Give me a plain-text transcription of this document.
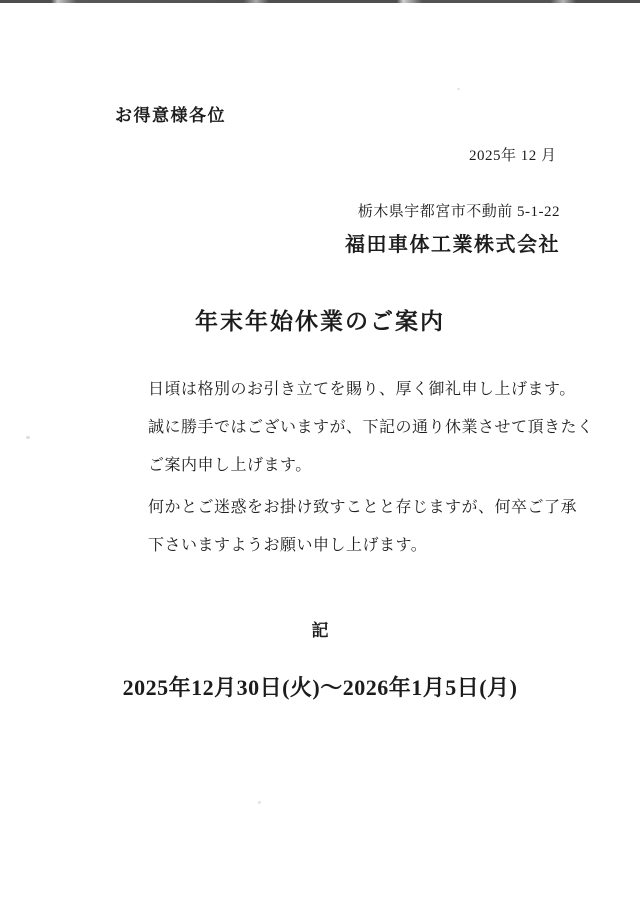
お得意様各位
2025年 12 月
栃木県宇都宮市不動前 5-1-22
福田車体工業株式会社
年末年始休業のご案内
日頃は格別のお引き立てを賜り、厚く御礼申し上げます。
誠に勝手ではございますが、下記の通り休業させて頂きたく
ご案内申し上げます。
何かとご迷惑をお掛け致すことと存じますが、何卒ご了承
下さいますようお願い申し上げます。
記
2025年12月30日(火)～2026年1月5日(月)
